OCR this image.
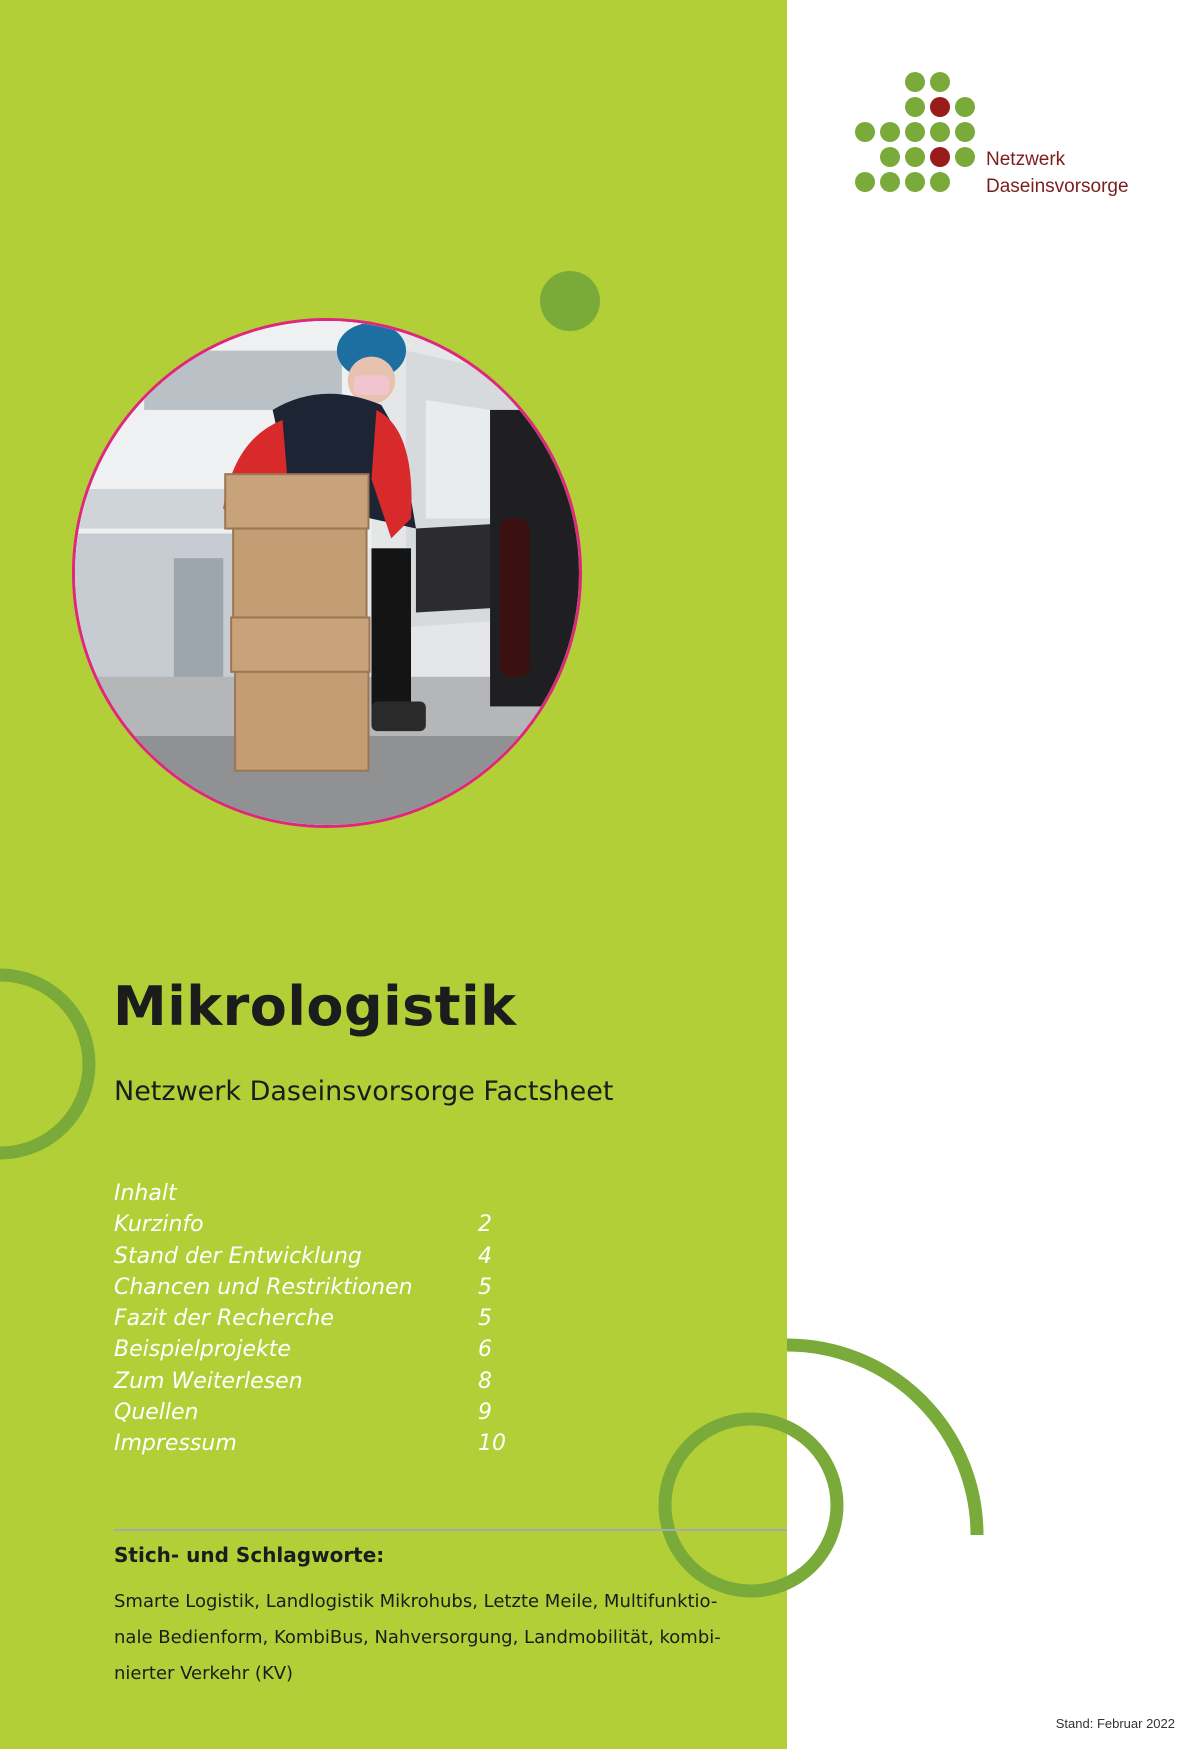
Netzwerk
Daseinsvorsorge
Mikrologistik
Netzwerk Daseinsvorsorge Factsheet
Inhalt
Kurzinfo	2
Stand der Entwicklung	4
Chancen und Restriktionen	5
Fazit der Recherche	5
Beispielprojekte	6
Zum Weiterlesen	8
Quellen	9
Impressum	10
Stich- und Schlagworte:
Smarte Logistik, Landlogistik Mikrohubs, Letzte Meile, Multifunktio-
nale Bedienform, KombiBus, Nahversorgung, Landmobilität, kombi-
nierter Verkehr (KV)
Stand: Februar 2022
